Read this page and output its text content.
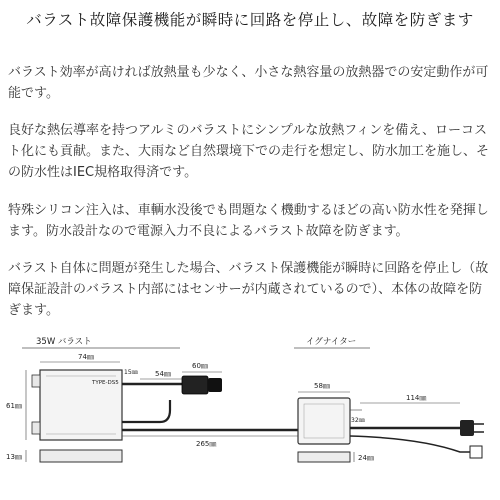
バラスト故障保護機能が瞬時に回路を停止し、故障を防ぎます

バラスト効率が高ければ放熱量も少なく、小さな熱容量の放熱器での安定動作が可能です。

良好な熱伝導率を持つアルミのバラストにシンプルな放熱フィンを備え、ローコスト化にも貢献。また、大雨など自然環境下での走行を想定し、防水加工を施し、その防水性はIEC規格取得済です。

特殊シリコン注入は、車輌水没後でも問題なく機動するほどの高い防水性を発揮します。防水設計なので電源入力不良によるバラスト故障を防ぎます。

バラスト自体に問題が発生した場合、バラスト保護機能が瞬時に回路を停止し（故障保証設計のバラスト内部にはセンサーが内蔵されているので）、本体の故障を防ぎます。

35W バラスト
74㎜
TYPE-DS5
61㎜
15㎜ 54㎜
60㎜
265㎜
イグナイター
58㎜
32㎜
114㎜
13㎜	24㎜
